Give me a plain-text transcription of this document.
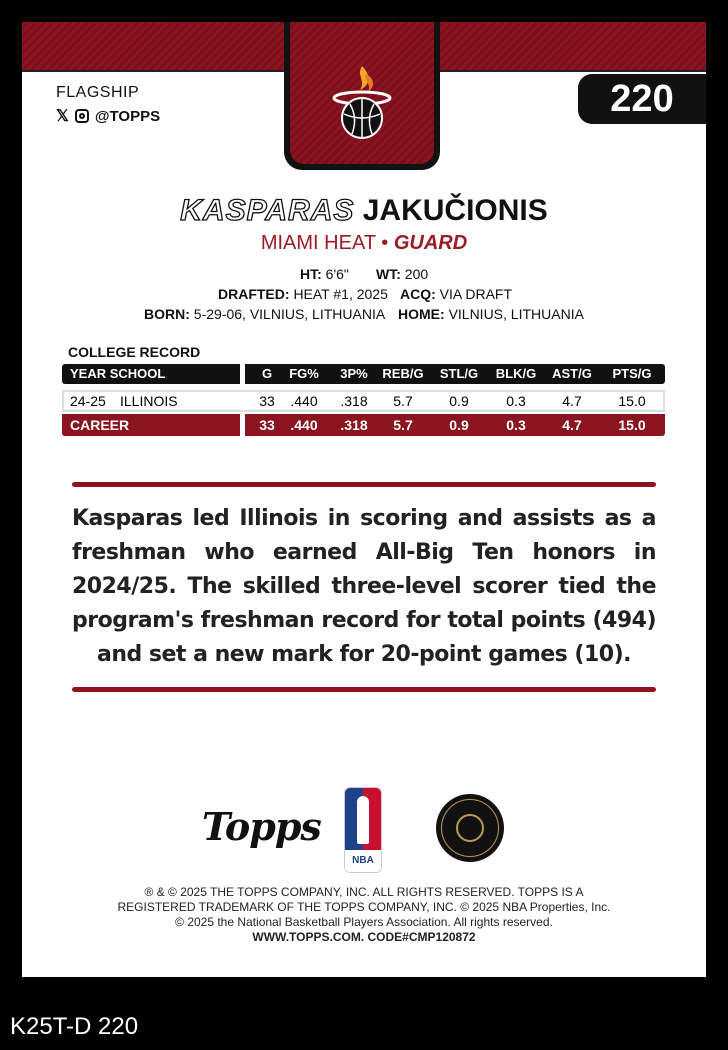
FLAGSHIP
𝕏 @TOPPS	220
KASPARAS JAKUČIONIS
MIAMI HEAT • GUARD
HT: 6'6" WT: 200
DRAFTED: HEAT #1, 2025 ACQ: VIA DRAFT
BORN: 5-29-06, VILNIUS, LITHUANIA HOME: VILNIUS, LITHUANIA
COLLEGE RECORD
YEAR SCHOOL	G	FG%	3P%	REB/G	STL/G	BLK/G	AST/G	PTS/G
24-25 ILLINOIS	33	.440	.318	5.7	0.9	0.3	4.7	15.0
CAREER	33	.440	.318	5.7	0.9	0.3	4.7	15.0
Kasparas led Illinois in scoring and assists as a freshman who earned All-Big Ten honors in 2024/25. The skilled three-level scorer tied the program's freshman record for total points (494) and set a new mark for 20-point games (10).
Topps
NBA
® & © 2025 THE TOPPS COMPANY, INC. ALL RIGHTS RESERVED. TOPPS IS A
REGISTERED TRADEMARK OF THE TOPPS COMPANY, INC. © 2025 NBA Properties, Inc.
© 2025 the National Basketball Players Association. All rights reserved.
WWW.TOPPS.COM. CODE#CMP120872
K25T-D 220
